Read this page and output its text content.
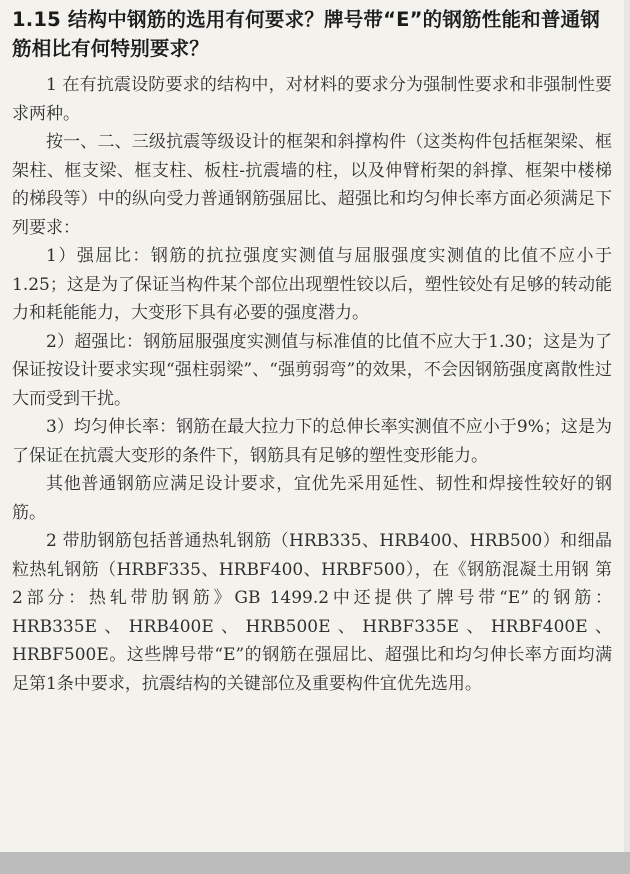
1.15 结构中钢筋的选用有何要求？牌号带“E”的钢筋性能和普通钢筋相比有何特别要求？

1 在有抗震设防要求的结构中，对材料的要求分为强制性要求和非强制性要求两种。

按一、二、三级抗震等级设计的框架和斜撑构件（这类构件包括框架梁、框架柱、框支梁、框支柱、板柱-抗震墙的柱，以及伸臂桁架的斜撑、框架中楼梯的梯段等）中的纵向受力普通钢筋强屈比、超强比和均匀伸长率方面必须满足下列要求：

1）强屈比：钢筋的抗拉强度实测值与屈服强度实测值的比值不应小于1.25；这是为了保证当构件某个部位出现塑性铰以后，塑性铰处有足够的转动能力和耗能能力，大变形下具有必要的强度潜力。

2）超强比：钢筋屈服强度实测值与标准值的比值不应大于1.30；这是为了保证按设计要求实现“强柱弱梁”、“强剪弱弯”的效果，不会因钢筋强度离散性过大而受到干扰。

3）均匀伸长率：钢筋在最大拉力下的总伸长率实测值不应小于9%；这是为了保证在抗震大变形的条件下，钢筋具有足够的塑性变形能力。

其他普通钢筋应满足设计要求，宜优先采用延性、韧性和焊接性较好的钢筋。

2 带肋钢筋包括普通热轧钢筋（HRB335、HRB400、HRB500）和细晶粒热轧钢筋（HRBF335、HRBF400、HRBF500），在《钢筋混凝土用钢 第2部分：热轧带肋钢筋》GB 1499.2中还提供了牌号带“E”的钢筋：HRB335E、HRB400E、HRB500E、HRBF335E、HRBF400E、HRBF500E。这些牌号带“E”的钢筋在强屈比、超强比和均匀伸长率方面均满足第1条中要求，抗震结构的关键部位及重要构件宜优先选用。
